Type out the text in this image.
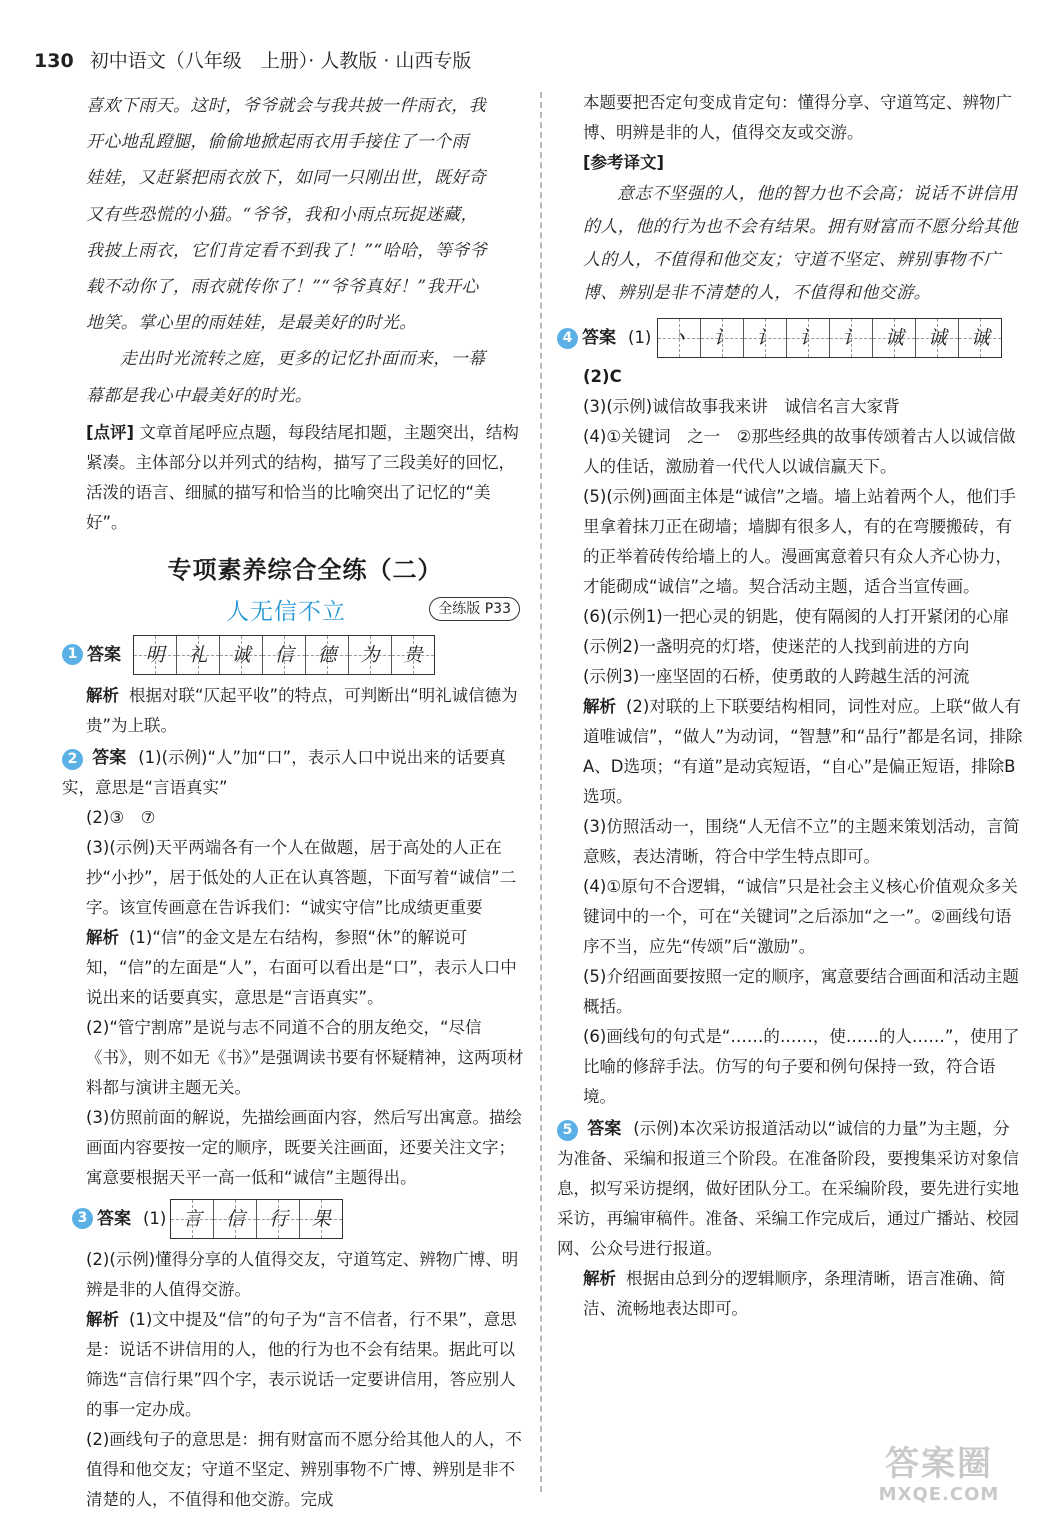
130 初中语文（八年级　上册）· 人教版 · 山西专版

喜欢下雨天。这时，爷爷就会与我共披一件雨衣，我

开心地乱蹬腿，偷偷地掀起雨衣用手接住了一个雨

娃娃，又赶紧把雨衣放下，如同一只刚出世，既好奇

又有些恐慌的小猫。“爷爷，我和小雨点玩捉迷藏，

我披上雨衣，它们肯定看不到我了！”“哈哈，等爷爷

载不动你了，雨衣就传你了！”“爷爷真好！”我开心

地笑。掌心里的雨娃娃，是最美好的时光。

走出时光流转之庭，更多的记忆扑面而来，一幕

幕都是我心中最美好的时光。

[点评] 文章首尾呼应点题，每段结尾扣题，主题突出，结构紧凑。主体部分以并列式的结构，描写了三段美好的回忆，活泼的语言、细腻的描写和恰当的比喻突出了记忆的“美好”。

专项素养综合全练（二）
人无信不立	全练版 P33
1 答案 明 礼 诚 信 德 为 贵

解析 根据对联“仄起平收”的特点，可判断出“明礼诚信德为贵”为上联。

2 答案 (1)(示例)“人”加“口”，表示人口中说出来的话要真实，意思是“言语真实”

(2)③　⑦

(3)(示例)天平两端各有一个人在做题，居于高处的人正在抄“小抄”，居于低处的人正在认真答题，下面写着“诚信”二字。该宣传画意在告诉我们：“诚实守信”比成绩更重要

解析 (1)“信”的金文是左右结构，参照“休”的解说可知，“信”的左面是“人”，右面可以看出是“口”，表示人口中说出来的话要真实，意思是“言语真实”。

(2)“管宁割席”是说与志不同道不合的朋友绝交，“尽信《书》，则不如无《书》”是强调读书要有怀疑精神，这两项材料都与演讲主题无关。

(3)仿照前面的解说，先描绘画面内容，然后写出寓意。描绘画面内容要按一定的顺序，既要关注画面，还要关注文字；寓意要根据天平一高一低和“诚信”主题得出。

3 答案 (1) 言 信 行 果

(2)(示例)懂得分享的人值得交友，守道笃定、辨物广博、明辨是非的人值得交游。

解析 (1)文中提及“信”的句子为“言不信者，行不果”，意思是：说话不讲信用的人，他的行为也不会有结果。据此可以筛选“言信行果”四个字，表示说话一定要讲信用，答应别人的事一定办成。

(2)画线句子的意思是：拥有财富而不愿分给其他人的人，不值得和他交友；守道不坚定、辨别事物不广博、辨别是非不清楚的人，不值得和他交游。完成

本题要把否定句变成肯定句：懂得分享、守道笃定、辨物广博、明辨是非的人，值得交友或交游。

[参考译文]

意志不坚强的人，他的智力也不会高；说话不讲信用的人，他的行为也不会有结果。拥有财富而不愿分给其他人的人，不值得和他交友；守道不坚定、辨别事物不广博、辨别是非不清楚的人，不值得和他交游。

4 答案 (1) 丶 讠 讠 讠 讠 诚 诚 诚

(2)C

(3)(示例)诚信故事我来讲　诚信名言大家背

(4)①关键词　之一　②那些经典的故事传颂着古人以诚信做人的佳话，激励着一代代人以诚信赢天下。

(5)(示例)画面主体是“诚信”之墙。墙上站着两个人，他们手里拿着抹刀正在砌墙；墙脚有很多人，有的在弯腰搬砖，有的正举着砖传给墙上的人。漫画寓意着只有众人齐心协力，才能砌成“诚信”之墙。契合活动主题，适合当宣传画。

(6)(示例1)一把心灵的钥匙，使有隔阂的人打开紧闭的心扉

(示例2)一盏明亮的灯塔，使迷茫的人找到前进的方向

(示例3)一座坚固的石桥，使勇敢的人跨越生活的河流

解析 (2)对联的上下联要结构相同，词性对应。上联“做人有道唯诚信”，“做人”为动词，“智慧”和“品行”都是名词，排除A、D选项；“有道”是动宾短语，“自心”是偏正短语，排除B选项。

(3)仿照活动一，围绕“人无信不立”的主题来策划活动，言简意赅，表达清晰，符合中学生特点即可。

(4)①原句不合逻辑，“诚信”只是社会主义核心价值观众多关键词中的一个，可在“关键词”之后添加“之一”。②画线句语序不当，应先“传颂”后“激励”。

(5)介绍画面要按照一定的顺序，寓意要结合画面和活动主题概括。

(6)画线句的句式是“……的……，使……的人……”，使用了比喻的修辞手法。仿写的句子要和例句保持一致，符合语境。

5 答案 (示例)本次采访报道活动以“诚信的力量”为主题，分为准备、采编和报道三个阶段。在准备阶段，要搜集采访对象信息，拟写采访提纲，做好团队分工。在采编阶段，要先进行实地采访，再编审稿件。准备、采编工作完成后，通过广播站、校园网、公众号进行报道。

解析 根据由总到分的逻辑顺序，条理清晰，语言准确、简洁、流畅地表达即可。

答案圈
MXQE.COM
